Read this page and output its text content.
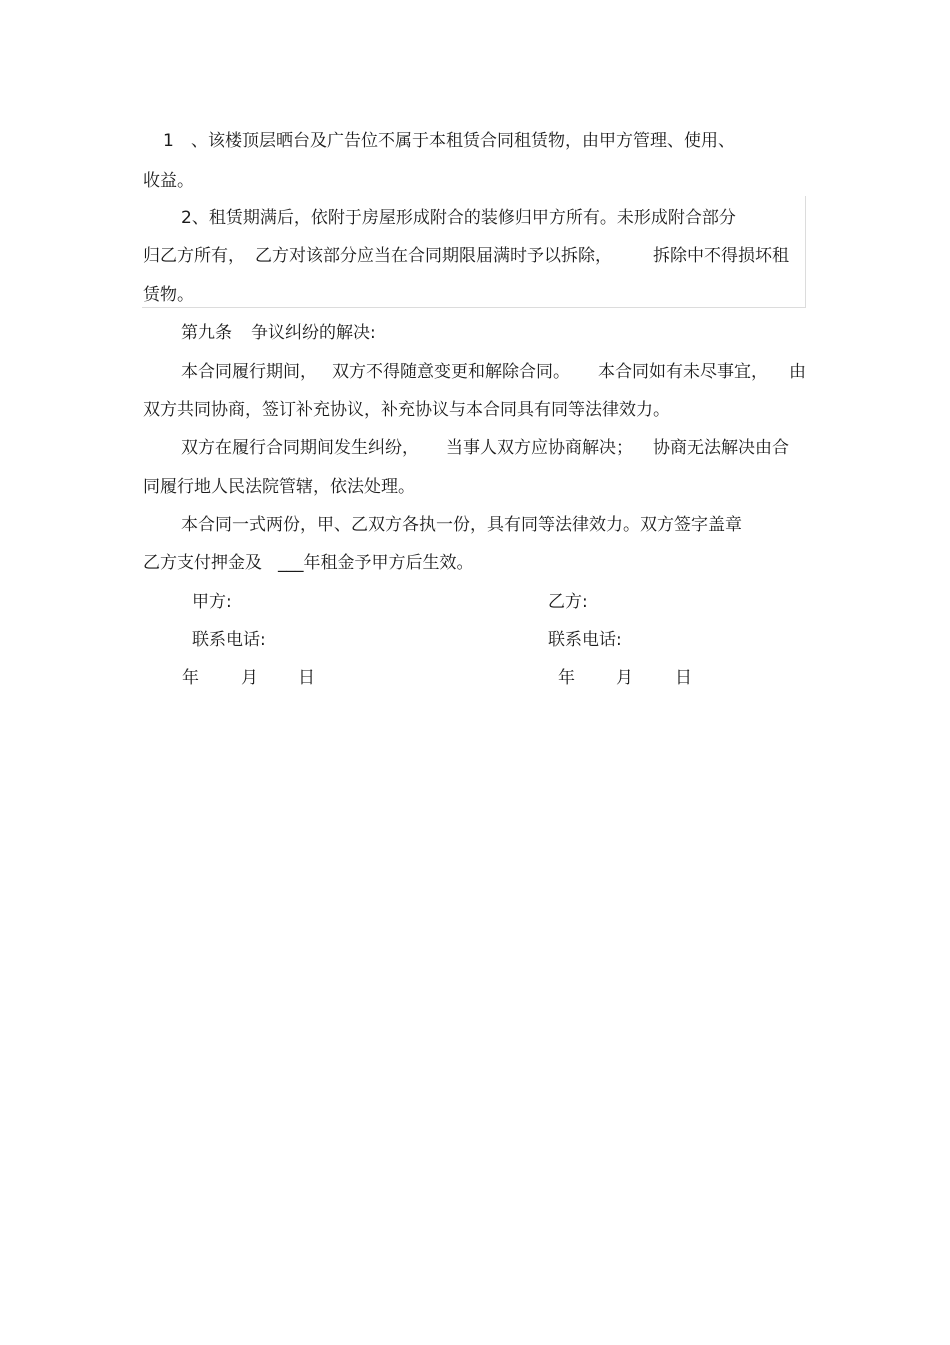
1 、该楼顶层晒台及广告位不属于本租赁合同租赁物，由甲方管理、使用、
收益。
2、租赁期满后，依附于房屋形成附合的装修归甲方所有。未形成附合部分
归乙方所有， 乙方对该部分应当在合同期限届满时予以拆除， 拆除中不得损坏租
赁物。
第九条 争议纠纷的解决:
本合同履行期间， 双方不得随意变更和解除合同。 本合同如有未尽事宜， 由
双方共同协商，签订补充协议，补充协议与本合同具有同等法律效力。
双方在履行合同期间发生纠纷， 当事人双方应协商解决； 协商无法解决由合
同履行地人民法院管辖，依法处理。
本合同一式两份，甲、乙双方各执一份，具有同等法律效力。双方签字盖章
乙方支付押金及 ___年租金予甲方后生效。
甲方:	乙方:
联系电话:	联系电话:
年 月 日	年 月 日
